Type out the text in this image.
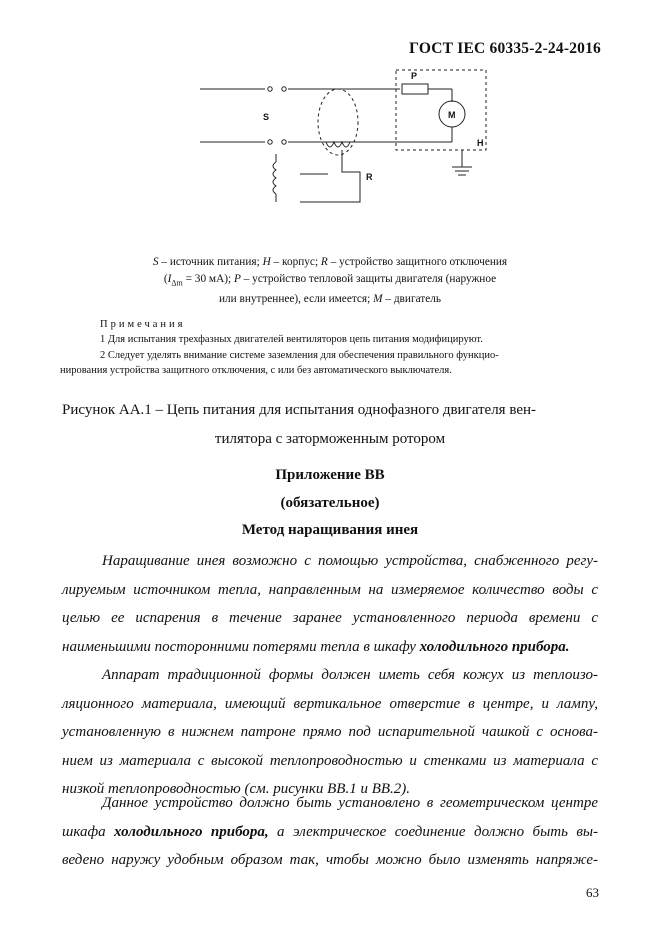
ГОСТ IEC 60335-2-24-2016
S
P
M
H
R
S – источник питания; H – корпус; R – устройство защитного отключения
($I_{\Delta m} = 30$ мА); P – устройство тепловой защиты двигателя (наружное
или внутреннее), если имеется; M – двигатель
Примечания
1 Для испытания трехфазных двигателей вентиляторов цепь питания модифицируют.
2 Следует уделять внимание системе заземления для обеспечения правильного функцио-
нирования устройства защитного отключения, с или без автоматического выключателя.
Рисунок АА.1 – Цепь питания для испытания однофазного двигателя вен-
тилятора с заторможенным ротором
Приложение ВВ
(обязательное)
Метод наращивания инея
Наращивание инея возможно с помощью устройства, снабженного регу-
лируемым источником тепла, направленным на измеряемое количество воды с
целью ее испарения в течение заранее установленного периода времени с
наименьшими посторонними потерями тепла в шкафу холодильного прибора.
Аппарат традиционной формы должен иметь себя кожух из теплоизо-
ляционного материала, имеющий вертикальное отверстие в центре, и лампу,
установленную в нижнем патроне прямо под испарительной чашкой с основа-
нием из материала с высокой теплопроводностью и стенками из материала с
низкой теплопроводностью (см. рисунки ВВ.1 и ВВ.2).
Данное устройство должно быть установлено в геометрическом центре
шкафа холодильного прибора, а электрическое соединение должно быть вы-
ведено наружу удобным образом так, чтобы можно было изменять напряже-
63
